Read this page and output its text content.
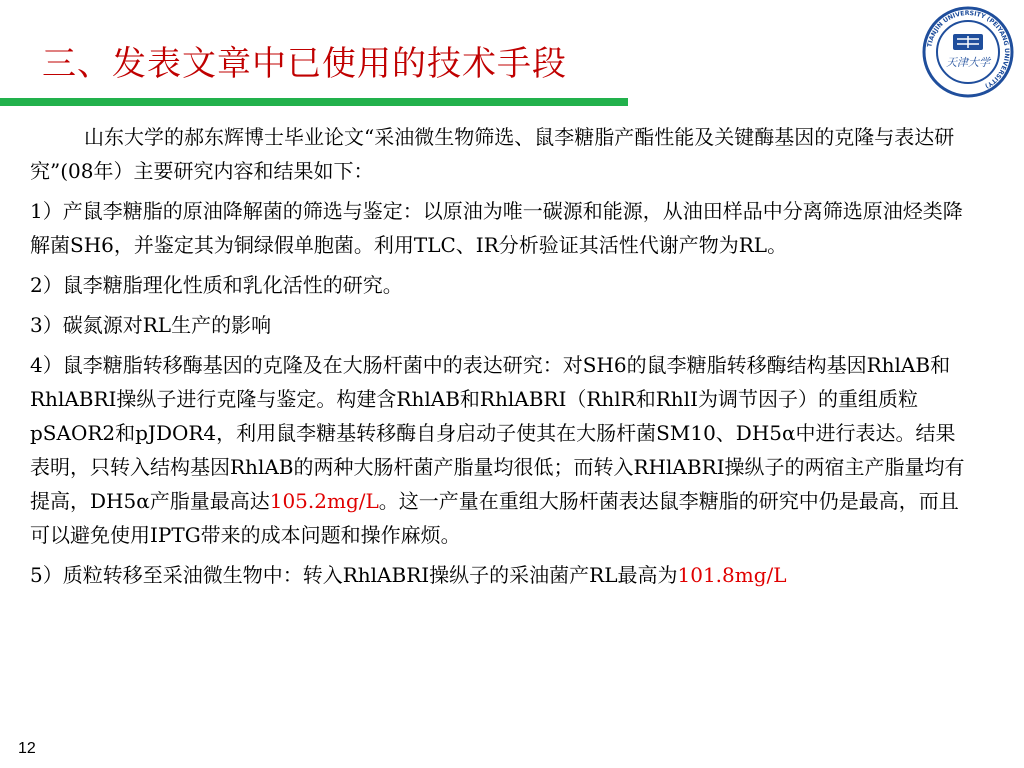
三、发表文章中已使用的技术手段	TIANJIN UNIVERSITY (PEIYANG UNIVERSITY)
天津大学

山东大学的郝东辉博士毕业论文“采油微生物筛选、鼠李糖脂产酯性能及关键酶基因的克隆与表达研究”(08年）主要研究内容和结果如下：

1）产鼠李糖脂的原油降解菌的筛选与鉴定：以原油为唯一碳源和能源，从油田样品中分离筛选原油烃类降解菌SH6，并鉴定其为铜绿假单胞菌。利用TLC、IR分析验证其活性代谢产物为RL。

2）鼠李糖脂理化性质和乳化活性的研究。

3）碳氮源对RL生产的影响

4）鼠李糖脂转移酶基因的克隆及在大肠杆菌中的表达研究：对SH6的鼠李糖脂转移酶结构基因RhlAB和RhlABRI操纵子进行克隆与鉴定。构建含RhlAB和RhlABRI（RhlR和RhlI为调节因子）的重组质粒pSAOR2和pJDOR4，利用鼠李糖基转移酶自身启动子使其在大肠杆菌SM10、DH5α中进行表达。结果表明，只转入结构基因RhlAB的两种大肠杆菌产脂量均很低；而转入RHlABRI操纵子的两宿主产脂量均有提高，DH5α产脂量最高达105.2mg/L。这一产量在重组大肠杆菌表达鼠李糖脂的研究中仍是最高，而且可以避免使用IPTG带来的成本问题和操作麻烦。

5）质粒转移至采油微生物中：转入RhlABRI操纵子的采油菌产RL最高为101.8mg/L

12
